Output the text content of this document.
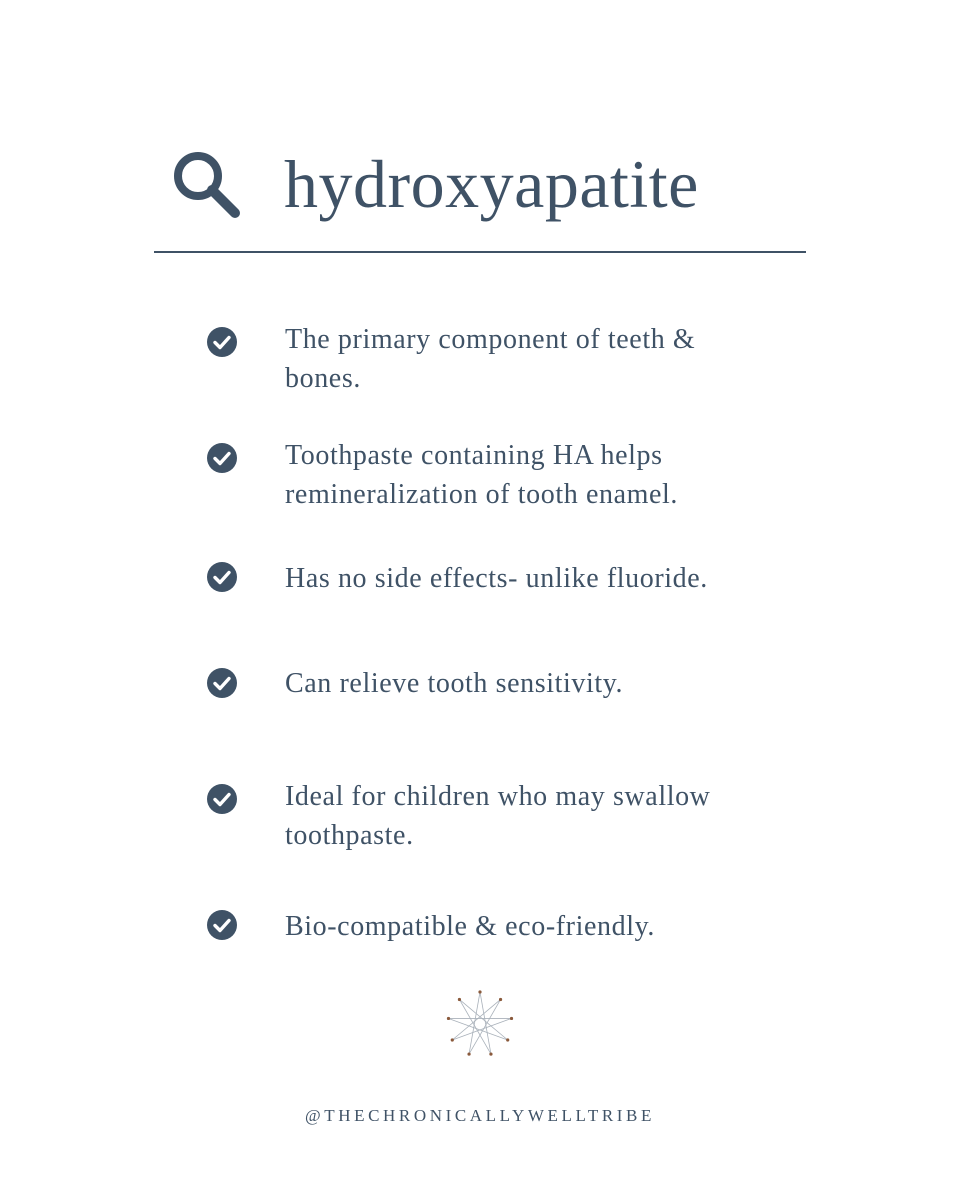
hydroxyapatite
The primary component of teeth & bones.
Toothpaste containing HA helps remineralization of tooth enamel.
Has no side effects- unlike fluoride.
Can relieve tooth sensitivity.
Ideal for children who may swallow toothpaste.
Bio-compatible & eco-friendly.
@THECHRONICALLYWELLTRIBE
